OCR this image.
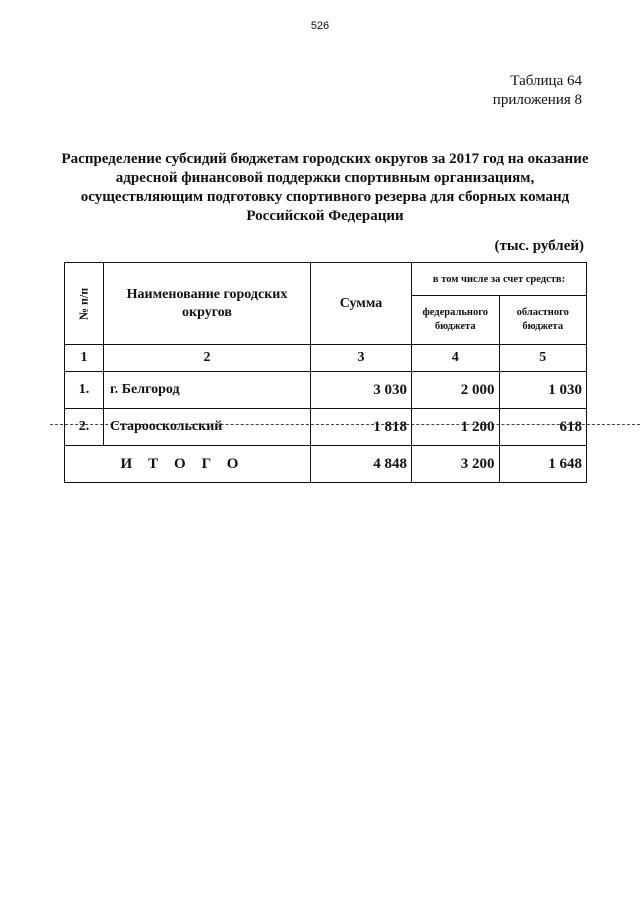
526
Таблица 64
приложения 8
Распределение субсидий бюджетам городских округов за 2017 год на оказание адресной финансовой поддержки спортивным организациям, осуществляющим подготовку спортивного резерва для сборных команд Российской Федерации
(тыс. рублей)
№ п/п	Наименование городских округов	Сумма	в том числе за счет средств:	
			федерального бюджета	областного бюджета
1	2	3	4	5
1.	г. Белгород	3 030	2 000	1 030
2.	Старооскольский	1 818	1 200	618
ИТОГО		4 848	3 200	1 648
